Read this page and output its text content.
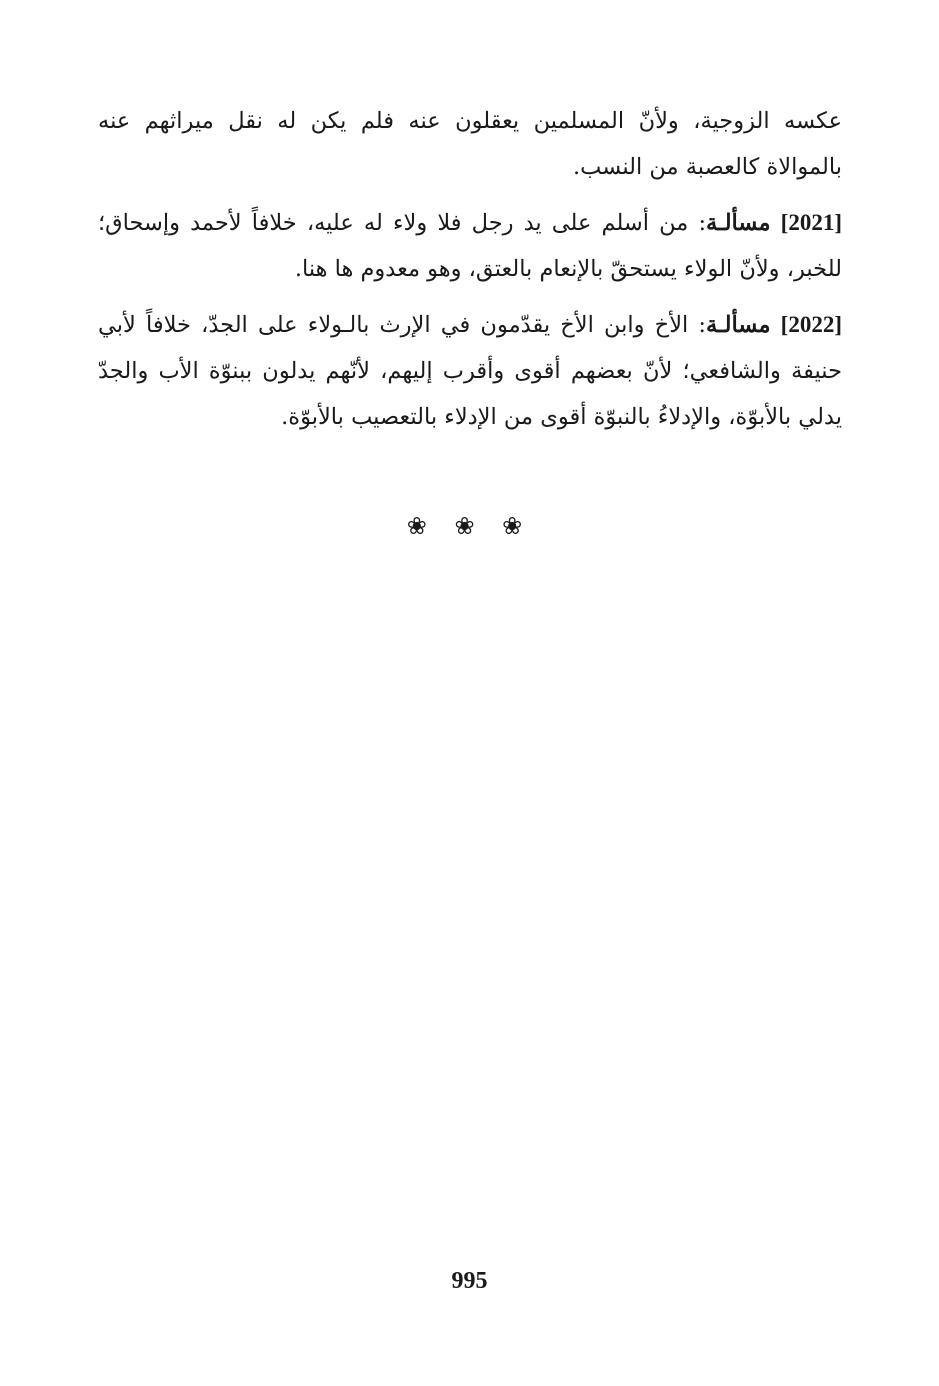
عكسه الزوجية، ولأنّ المسلمين يعقلون عنه فلم يكن له نقل ميراثهم عنه بالموالاة كالعصبة من النسب.

[2021] مسألـة: من أسلم على يد رجل فلا ولاء له عليه، خلافاً لأحمد وإسحاق؛ للخبر، ولأنّ الولاء يستحقّ بالإنعام بالعتق، وهو معدوم ها هنا.

[2022] مسألـة: الأخ وابن الأخ يقدّمون في الإرث بالـولاء على الجدّ، خلافاً لأبي حنيفة والشافعي؛ لأنّ بعضهم أقوى وأقرب إليهم، لأنّهم يدلون ببنوّة الأب والجدّ يدلي بالأبوّة، والإدلاءُ بالنبوّة أقوى من الإدلاء بالتعصيب بالأبوّة.

❀ ❀ ❀
995
